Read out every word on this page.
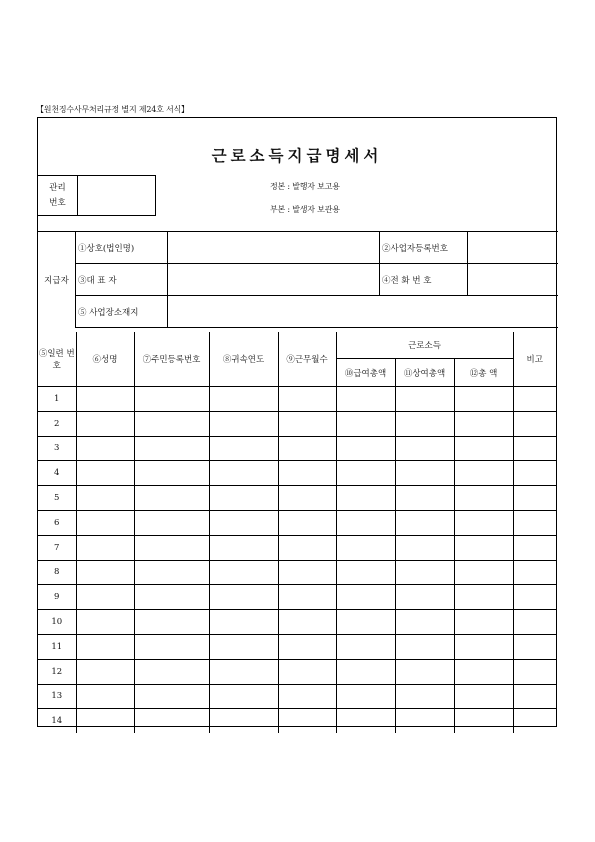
【원천징수사무처리규정 별지 제24호 서식】
근로소득지급명세서
관리
번호
정본 : 발행자 보고용
부본 : 발생자 보관용
지급자
①상호(법인명)	②사업자등록번호
③대 표 자	④전 화 번 호
⑤ 사업장소재지
⑤일련 번호	⑥성명	⑦주민등록번호	⑧귀속연도	⑨근무월수	근로소득			비고
					⑩급여총액	⑪상여총액	⑫총 액	
1								
2								
3								
4								
5								
6								
7								
8								
9								
10								
11								
12								
13								
14								
